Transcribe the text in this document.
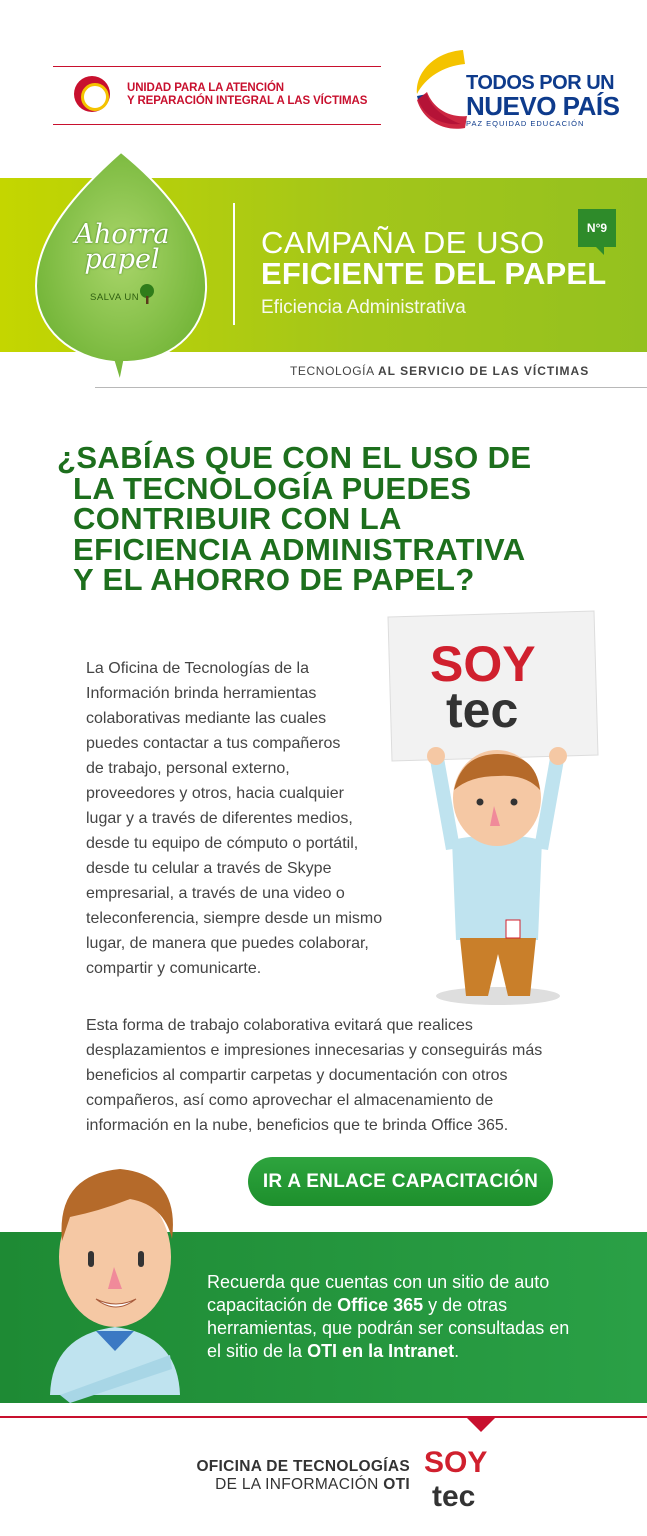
UNIDAD PARA LA ATENCIÓN
Y REPARACIÓN INTEGRAL A LAS VÍCTIMAS
TODOS POR UN
NUEVO PAÍS
PAZ EQUIDAD EDUCACIÓN
Ahorra
papel
SALVA UN
CAMPAÑA DE USO
EFICIENTE DEL PAPEL
Eficiencia Administrativa
N°9
TECNOLOGÍA AL SERVICIO DE LAS VÍCTIMAS
¿SABÍAS QUE CON EL USO DE
LA TECNOLOGÍA PUEDES
CONTRIBUIR CON LA
EFICIENCIA ADMINISTRATIVA
Y EL AHORRO DE PAPEL?
La Oficina de Tecnologías de la
Información brinda herramientas
colaborativas mediante las cuales
puedes contactar a tus compañeros
de trabajo, personal externo,
proveedores y otros, hacia cualquier
lugar y a través de diferentes medios,
desde tu equipo de cómputo o portátil,
desde tu celular a través de Skype
empresarial, a través de una video o
teleconferencia, siempre desde un mismo
lugar, de manera que puedes colaborar,
compartir y comunicarte.
SOY
tec
Esta forma de trabajo colaborativa evitará que realices
desplazamientos e impresiones innecesarias y conseguirás más
beneficios al compartir carpetas y documentación con otros
compañeros, así como aprovechar el almacenamiento de
información en la nube, beneficios que te brinda Office 365.
IR A ENLACE CAPACITACIÓN
Recuerda que cuentas con un sitio de auto
capacitación de Office 365 y de otras
herramientas, que podrán ser consultadas en
el sitio de la OTI en la Intranet.
OFICINA DE TECNOLOGÍAS
DE LA INFORMACIÓN OTI
SOY
tec
